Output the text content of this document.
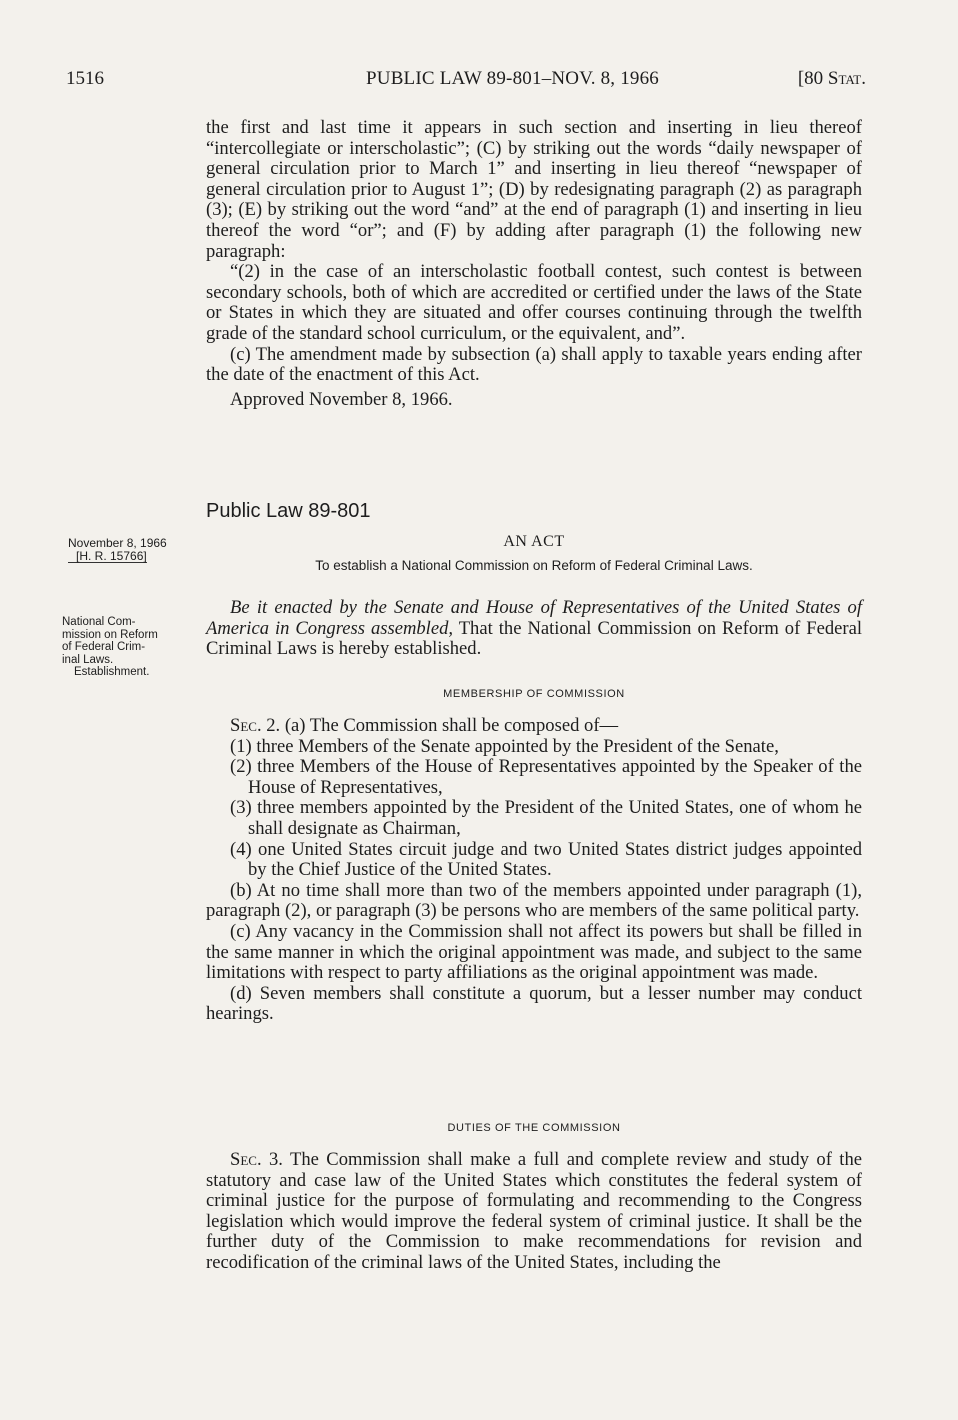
1516	PUBLIC LAW 89-801–NOV. 8, 1966	[80 Stat.

the first and last time it appears in such section and inserting in lieu thereof “intercollegiate or interscholastic”; (C) by striking out the words “daily newspaper of general circulation prior to March 1” and inserting in lieu thereof “newspaper of general circulation prior to August 1”; (D) by redesignating paragraph (2) as paragraph (3); (E) by striking out the word “and” at the end of paragraph (1) and inserting in lieu thereof the word “or”; and (F) by adding after paragraph (1) the following new paragraph:

“(2) in the case of an interscholastic football contest, such contest is between secondary schools, both of which are accredited or certified under the laws of the State or States in which they are situated and offer courses continuing through the twelfth grade of the standard school curriculum, or the equivalent, and”.

(c) The amendment made by subsection (a) shall apply to taxable years ending after the date of the enactment of this Act.

Approved November 8, 1966.

Public Law 89-801
November 8, 1966
[H. R. 15766]
AN ACT
To establish a National Commission on Reform of Federal Criminal Laws.
National Com-
mission on Reform
of Federal Crim-
inal Laws.
Establishment.

Be it enacted by the Senate and House of Representatives of the United States of America in Congress assembled, That the National Commission on Reform of Federal Criminal Laws is hereby established.

MEMBERSHIP OF COMMISSION

Sec. 2. (a) The Commission shall be composed of—

(1) three Members of the Senate appointed by the President of the Senate,

(2) three Members of the House of Representatives appointed by the Speaker of the House of Representatives,

(3) three members appointed by the President of the United States, one of whom he shall designate as Chairman,

(4) one United States circuit judge and two United States district judges appointed by the Chief Justice of the United States.

(b) At no time shall more than two of the members appointed under paragraph (1), paragraph (2), or paragraph (3) be persons who are members of the same political party.

(c) Any vacancy in the Commission shall not affect its powers but shall be filled in the same manner in which the original appointment was made, and subject to the same limitations with respect to party affiliations as the original appointment was made.

(d) Seven members shall constitute a quorum, but a lesser number may conduct hearings.

DUTIES OF THE COMMISSION

Sec. 3. The Commission shall make a full and complete review and study of the statutory and case law of the United States which constitutes the federal system of criminal justice for the purpose of formulating and recommending to the Congress legislation which would improve the federal system of criminal justice. It shall be the further duty of the Commission to make recommendations for revision and recodification of the criminal laws of the United States, including the
